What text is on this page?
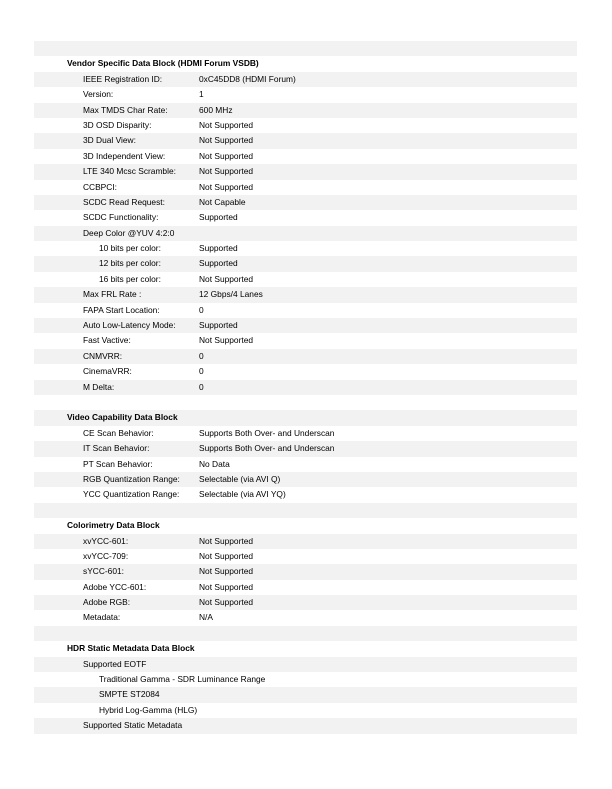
Vendor Specific Data Block (HDMI Forum VSDB)
IEEE Registration ID:	0xC45DD8 (HDMI Forum)
Version:	1
Max TMDS Char Rate:	600 MHz
3D OSD Disparity:	Not Supported
3D Dual View:	Not Supported
3D Independent View:	Not Supported
LTE 340 Mcsc Scramble:	Not Supported
CCBPCI:	Not Supported
SCDC Read Request:	Not Capable
SCDC Functionality:	Supported
Deep Color @YUV 4:2:0
10 bits per color:	Supported
12 bits per color:	Supported
16 bits per color:	Not Supported
Max FRL Rate :	12 Gbps/4 Lanes
FAPA Start Location:	0
Auto Low-Latency Mode:	Supported
Fast Vactive:	Not Supported
CNMVRR:	0
CinemaVRR:	0
M Delta:	0
Video Capability Data Block
CE Scan Behavior:	Supports Both Over- and Underscan
IT Scan Behavior:	Supports Both Over- and Underscan
PT Scan Behavior:	No Data
RGB Quantization Range: Selectable (via AVI Q)
YCC Quantization Range: Selectable (via AVI YQ)
Colorimetry Data Block
xvYCC-601:	Not Supported
xvYCC-709:	Not Supported
sYCC-601:	Not Supported
Adobe YCC-601:	Not Supported
Adobe RGB:	Not Supported
Metadata:	N/A
HDR Static Metadata Data Block
Supported EOTF
Traditional Gamma - SDR Luminance Range
SMPTE ST2084
Hybrid Log-Gamma (HLG)
Supported Static Metadata
